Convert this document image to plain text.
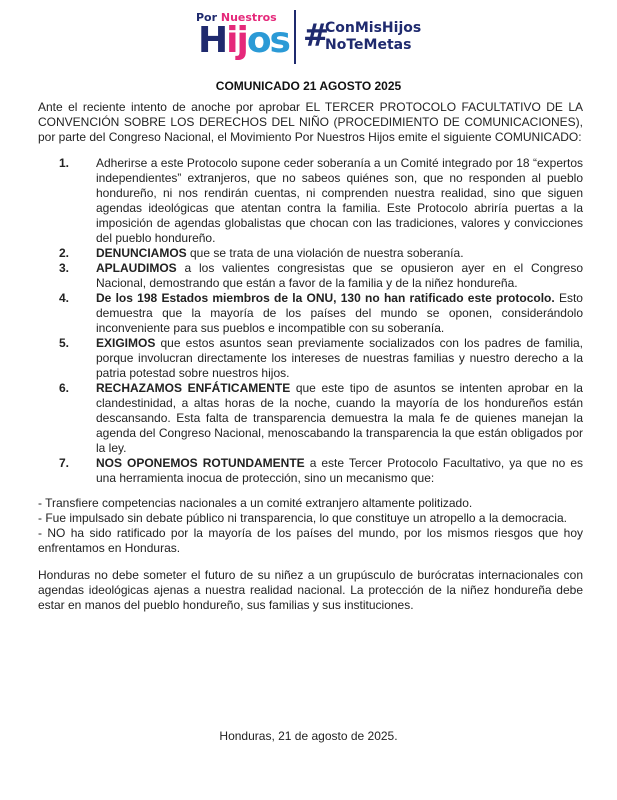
Por Nuestros
Hijos #
ConMisHijos
NoTeMetas
COMUNICADO 21 AGOSTO 2025

Ante el reciente intento de anoche por aprobar EL TERCER PROTOCOLO FACULTATIVO DE LA CONVENCIÓN SOBRE LOS DERECHOS DEL NIÑO (PROCEDIMIENTO DE COMUNICACIONES), por parte del Congreso Nacional, el Movimiento Por Nuestros Hijos emite el siguiente COMUNICADO:

1. Adherirse a este Protocolo supone ceder soberanía a un Comité integrado por 18 “expertos independientes” extranjeros, que no sabeos quiénes son, que no responden al pueblo hondureño, ni nos rendirán cuentas, ni comprenden nuestra realidad, sino que siguen agendas ideológicas que atentan contra la familia. Este Protocolo abriría puertas a la imposición de agendas globalistas que chocan con las tradiciones, valores y convicciones del pueblo hondureño.
2. DENUNCIAMOS que se trata de una violación de nuestra soberanía.
3. APLAUDIMOS a los valientes congresistas que se opusieron ayer en el Congreso Nacional, demostrando que están a favor de la familia y de la niñez hondureña.
4. De los 198 Estados miembros de la ONU, 130 no han ratificado este protocolo. Esto demuestra que la mayoría de los países del mundo se oponen, considerándolo inconveniente para sus pueblos e incompatible con su soberanía.
5. EXIGIMOS que estos asuntos sean previamente socializados con los padres de familia, porque involucran directamente los intereses de nuestras familias y nuestro derecho a la patria potestad sobre nuestros hijos.
6. RECHAZAMOS ENFÁTICAMENTE que este tipo de asuntos se intenten aprobar en la clandestinidad, a altas horas de la noche, cuando la mayoría de los hondureños están descansando. Esta falta de transparencia demuestra la mala fe de quienes manejan la agenda del Congreso Nacional, menoscabando la transparencia la que están obligados por la ley.
7. NOS OPONEMOS ROTUNDAMENTE a este Tercer Protocolo Facultativo, ya que no es una herramienta inocua de protección, sino un mecanismo que:

- Transfiere competencias nacionales a un comité extranjero altamente politizado.

- Fue impulsado sin debate público ni transparencia, lo que constituye un atropello a la democracia.

- NO ha sido ratificado por la mayoría de los países del mundo, por los mismos riesgos que hoy enfrentamos en Honduras.

Honduras no debe someter el futuro de su niñez a un grupúsculo de burócratas internacionales con agendas ideológicas ajenas a nuestra realidad nacional. La protección de la niñez hondureña debe estar en manos del pueblo hondureño, sus familias y sus instituciones.

Honduras, 21 de agosto de 2025.
